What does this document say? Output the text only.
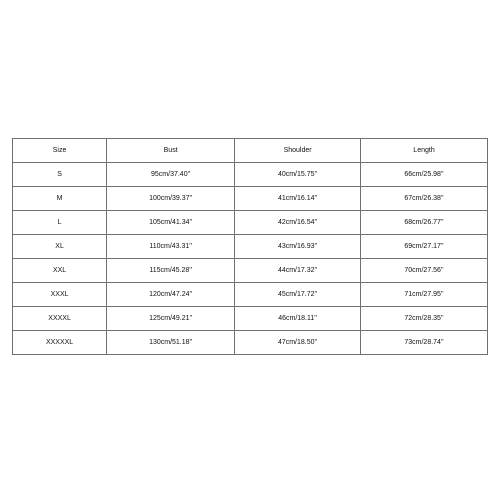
Size	Bust	Shoulder	Length
S	95cm/37.40''	40cm/15.75''	66cm/25.98''
M	100cm/39.37''	41cm/16.14''	67cm/26.38''
L	105cm/41.34''	42cm/16.54''	68cm/26.77''
XL	110cm/43.31''	43cm/16.93''	69cm/27.17''
XXL	115cm/45.28''	44cm/17.32''	70cm/27.56''
XXXL	120cm/47.24''	45cm/17.72''	71cm/27.95''
XXXXL	125cm/49.21''	46cm/18.11''	72cm/28.35''
XXXXXL	130cm/51.18''	47cm/18.50''	73cm/28.74''
